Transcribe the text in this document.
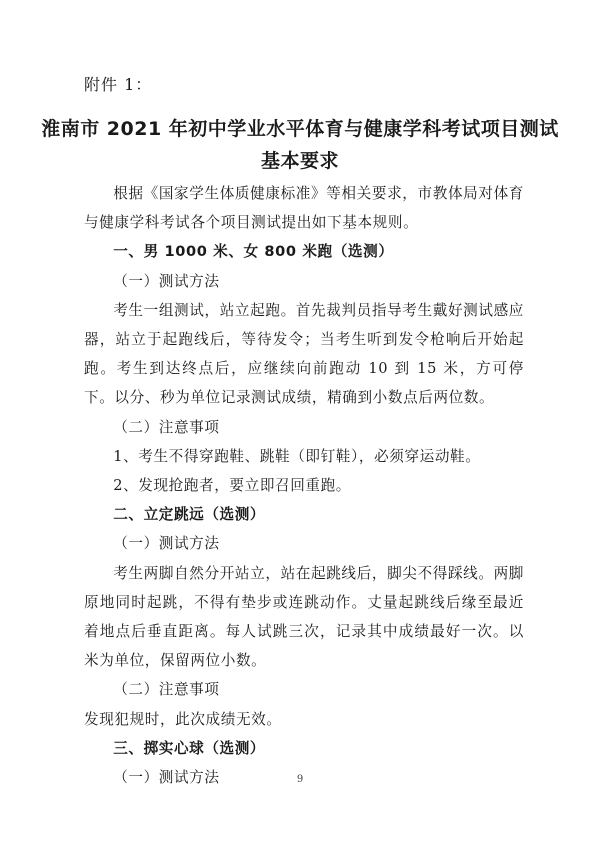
附件 1：
淮南市 2021 年初中学业水平体育与健康学科考试项目测试
基本要求

根据《国家学生体质健康标准》等相关要求，市教体局对体育与健康学科考试各个项目测试提出如下基本规则。

一、男 1000 米、女 800 米跑（选测）

（一）测试方法

考生一组测试，站立起跑。首先裁判员指导考生戴好测试感应器，站立于起跑线后，等待发令；当考生听到发令枪响后开始起跑。考生到达终点后，应继续向前跑动 10 到 15 米，方可停下。以分、秒为单位记录测试成绩，精确到小数点后两位数。

（二）注意事项

1、考生不得穿跑鞋、跳鞋（即钉鞋），必须穿运动鞋。

2、发现抢跑者，要立即召回重跑。

二、立定跳远（选测）

（一）测试方法

考生两脚自然分开站立，站在起跳线后，脚尖不得踩线。两脚原地同时起跳，不得有垫步或连跳动作。丈量起跳线后缘至最近着地点后垂直距离。每人试跳三次，记录其中成绩最好一次。以米为单位，保留两位小数。

（二）注意事项

发现犯规时，此次成绩无效。

三、掷实心球（选测）

（一）测试方法	9
